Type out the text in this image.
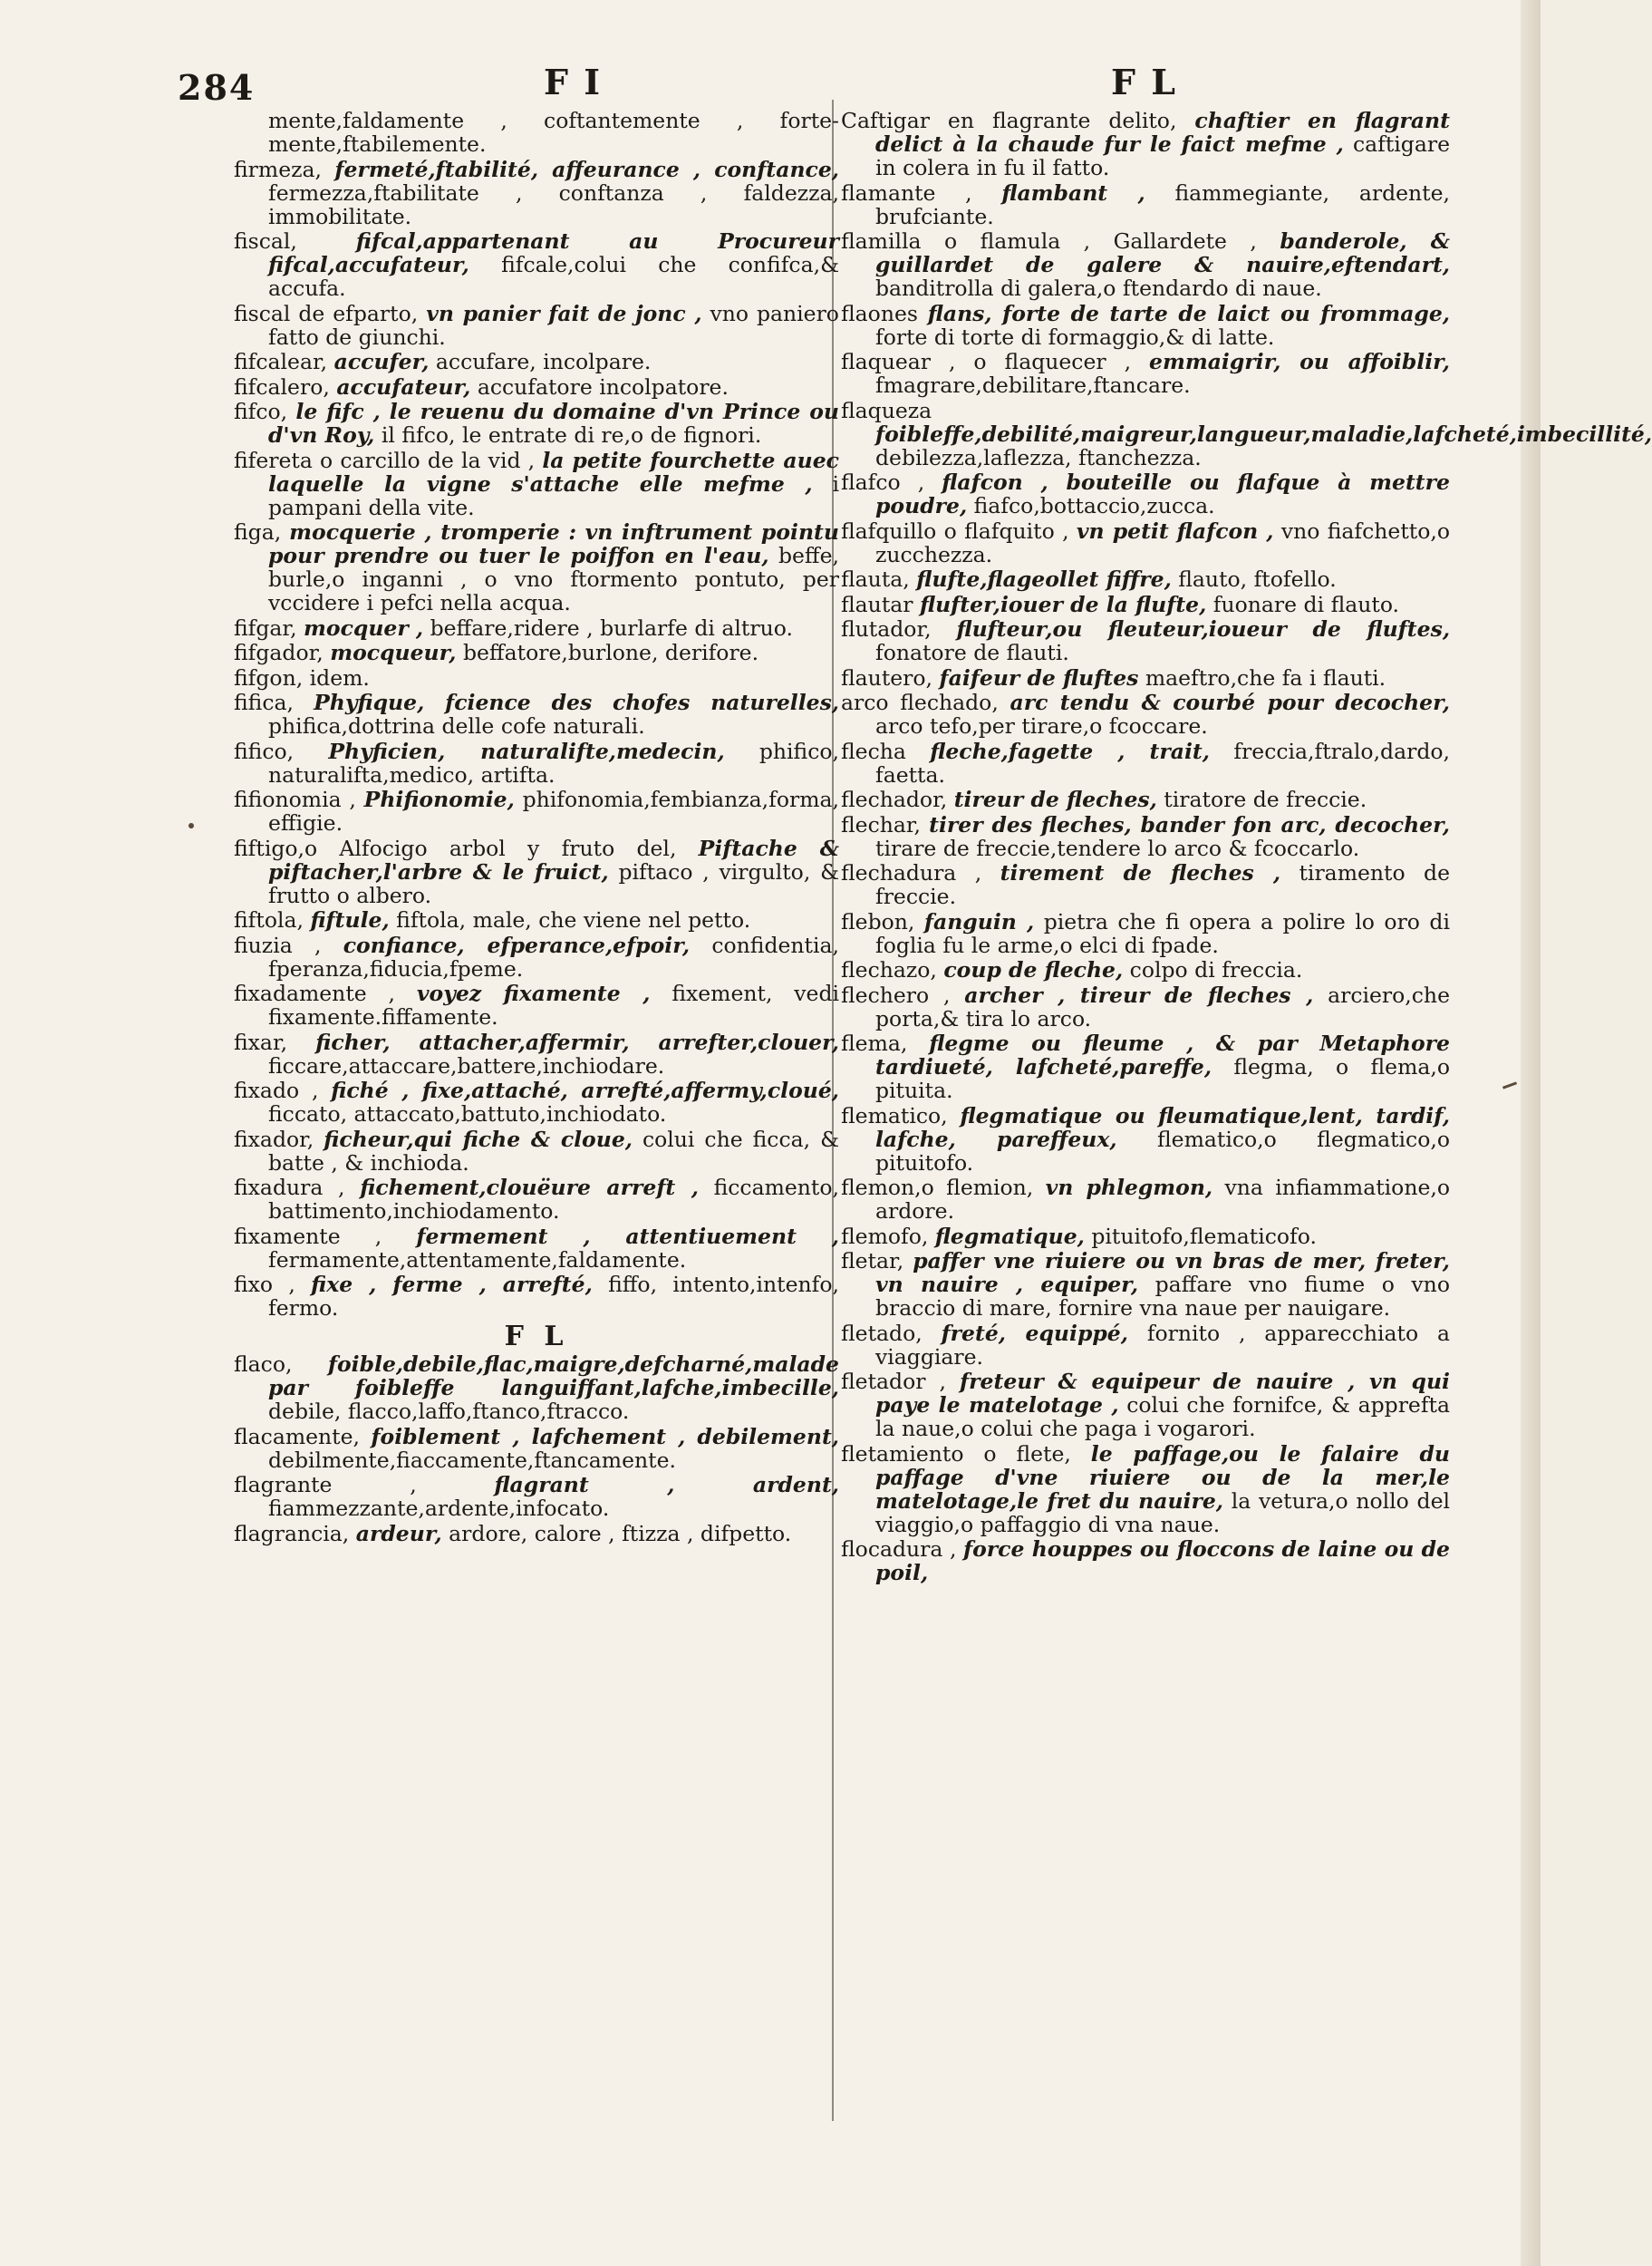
284	F I	F L

mente,faldamente , coftantemente , forte-mente,ftabilemente.

firmeza, fermeté,ftabilité, affeurance , conftance, fermezza,ftabilitate , conftanza , faldezza, immobilitate.

fiscal,	fifcal,appartenant au Procureur fifcal,accufateur, fifcale,colui che confifca,& accufa.

fiscal de efparto, vn panier fait de jonc , vno paniero fatto de giunchi.

fifcalear, accufer, accufare, incolpare.

fifcalero, accufateur, accufatore incolpatore.

fifco, le fifc , le reuenu du domaine d'vn Prince ou d'vn Roy, il fifco, le entrate di re,o de fignori.

fifereta o carcillo de la vid , la petite fourchette auec laquelle la vigne s'attache elle mefme , i pampani della vite.

figa, mocquerie , tromperie : vn inftrument pointu pour prendre ou tuer le poiffon en l'eau, beffe, burle,o inganni , o vno ftormento pontuto, per vccidere i pefci nella acqua.

fifgar, mocquer , beffare,ridere , burlarfe di altruo.

fifgador, mocqueur, beffatore,burlone, derifore.

fifgon, idem.

fifica, Phyfique, fcience des chofes naturelles, phifica,dottrina delle cofe naturali.

fifico, Phyficien, naturalifte,medecin, phifico, naturalifta,medico, artifta.

fifionomia , Phifionomie, phifonomia,fembianza,forma, effigie.

fiftigo,o Alfocigo arbol y fruto del, Piftache & piftacher,l'arbre & le fruict, piftaco , virgulto, & frutto o albero.

fiftola, fiftule, fiftola, male, che viene nel petto.

fiuzia , confiance, efperance,efpoir, confidentia, fperanza,fiducia,fpeme.

fixadamente , voyez fixamente , fixement, vedi fixamente.fiffamente.

fixar, ficher, attacher,affermir, arrefter,clouer, ficcare,attaccare,battere,inchiodare.

fixado , fiché , fixe,attaché, arrefté,affermy,cloué, ficcato, attaccato,battuto,inchiodato.

fixador, ficheur,qui fiche & cloue, colui che ficca, & batte , & inchioda.

fixadura , fichement,clouëure arreft , ficcamento, battimento,inchiodamento.

fixamente , fermement , attentiuement , fermamente,attentamente,faldamente.

fixo , fixe , ferme , arrefté, fiffo, intento,intenfo, fermo.

F L

flaco, foible,debile,flac,maigre,defcharné,malade par foibleffe languiffant,lafche,imbecille, debile, flacco,laffo,ftanco,ftracco.

flacamente, foiblement , lafchement , debilement, debilmente,fiaccamente,ftancamente.

flagrante ,	flagrant , ardent, fiammezzante,ardente,infocato.

flagrancia, ardeur, ardore, calore , ftizza , difpetto.

Caftigar en flagrante delito, chaftier en flagrant delict à la chaude fur le faict mefme , caftigare in colera in fu il fatto.

flamante , flambant , fiammegiante, ardente, brufciante.

flamilla o flamula , Gallardete , banderole, & guillardet de galere & nauire,eftendart, banditrolla di galera,o ftendardo di naue.

flaones flans, forte de tarte de laict ou frommage, forte di torte di formaggio,& di latte.

flaquear , o flaquecer , emmaigrir, ou affoiblir, fmagrare,debilitare,ftancare.

flaqueza foibleffe,debilité,maigreur,langueur,maladie,lafcheté,imbecillité, debilezza,laflezza, ftanchezza.

flafco , flafcon , bouteille ou flafque à mettre poudre, fiafco,bottaccio,zucca.

flafquillo o flafquito , vn petit flafcon , vno fiafchetto,o zucchezza.

flauta, flufte,flageollet fiffre, flauto, ftofello.

flautar flufter,iouer de la flufte, fuonare di flauto.

flutador, flufteur,ou fleuteur,ioueur de fluftes, fonatore de flauti.

flautero, faifeur de fluftes maeftro,che fa i flauti.

arco flechado, arc tendu & courbé pour decocher, arco tefo,per tirare,o fcoccare.

flecha fleche,fagette , trait, freccia,ftralo,dardo, faetta.

flechador, tireur de fleches, tiratore de freccie.

flechar, tirer des fleches, bander fon arc, decocher, tirare de freccie,tendere lo arco & fcoccarlo.

flechadura , tirement de fleches , tiramento de freccie.

flebon, fanguin , pietra che fi opera a polire lo oro di foglia fu le arme,o elci di fpade.

flechazo, coup de fleche, colpo di freccia.

flechero , archer , tireur de fleches , arciero,che porta,& tira lo arco.

flema, flegme ou fleume , & par Metaphore tardiueté, lafcheté,pareffe, flegma, o flema,o pituita.

flematico, flegmatique ou fleumatique,lent, tardif, lafche, pareffeux, flematico,o flegmatico,o pituitofo.

flemon,o flemion, vn phlegmon, vna infiammatione,o ardore.

flemofo, flegmatique, pituitofo,flematicofo.

fletar, paffer vne riuiere ou vn bras de mer, freter, vn nauire , equiper, paffare vno fiume o vno braccio di mare, fornire vna naue per nauigare.

fletado, freté, equippé, fornito , apparecchiato a viaggiare.

fletador , freteur & equipeur de nauire , vn qui paye le matelotage , colui che fornifce, & apprefta la naue,o colui che paga i vogarori.

fletamiento o flete, le paffage,ou le falaire du paffage d'vne riuiere ou de la mer,le matelotage,le fret du nauire, la vetura,o nollo del viaggio,o paffaggio di vna naue.

flocadura , force houppes ou floccons de laine ou de poil,
